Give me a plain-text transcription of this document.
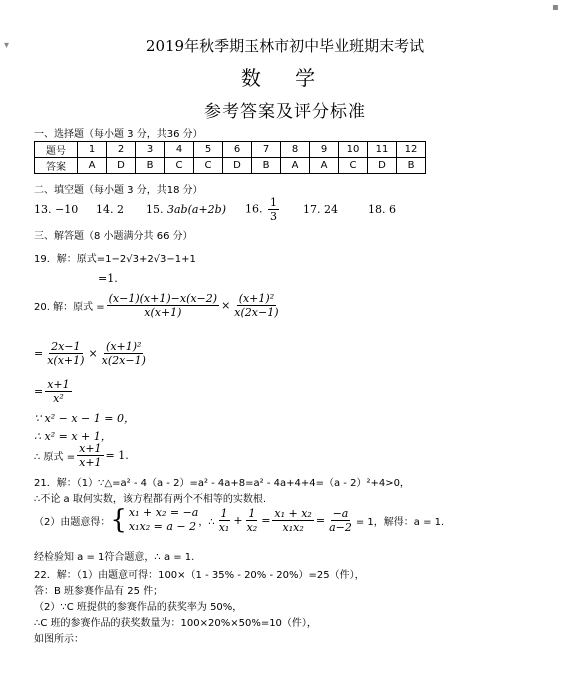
▾
▪
2019年秋季期玉林市初中毕业班期末考试
数 学
参考答案及评分标准
一、选择题（每小题 3 分，共36 分）
题号	1	2	3	4	5	6	7	8	9	10	11	12
答案	A	D	B	C	C	D	B	A	A	C	D	B
二、填空题（每小题 3 分，共18 分）
13. −10 14. 2 15. 3ab(a+2b) 16. $\frac{1}{3} 17$. 24	18. 6
三、解答题（8 小题满分共 66 分）
19．解：原式=1−2√3+2√3−1+1
=1.
20. 解：原式 = $\frac{(x-1)(x+1)-x(x-2)}{x(x+1)} \times \frac{\text{(x+1)²}}{x(2x-1)}$
= $\frac{2x-1}{x(x+1)} \times \frac{\text{(x+1)²}}{x(2x-1)}$
= $\frac{x+1}{\text{x²}}$
∵ x² − x − 1 = 0，
∴ x² = x + 1，
∴ 原式 = $\frac{x+1}{x+1} = 1$.
21．解：（1）∵△=a² - 4（a - 2）=a² - 4a+8=a² - 4a+4+4=（a - 2）²+4>0，
∴不论 a 取何实数，该方程都有两个不相等的实数根.
（2）由题意得： { x₁ + x₂ = −a
x₁x₂ = a − 2 ，∴ $\frac{1}{\text{x₁}} + \frac{1}{\text{x₂}} = \frac{\text{x₁ + x₂}}{\text{x₁x₂}} = \frac{-a}{a-2} = 1$，解得：a = 1.
经检验知 a = 1符合题意，∴ a = 1.
22．解：（1）由题意可得：100×（1 - 35% - 20% - 20%）=25（件），
答：B 班参赛作品有 25 件；
（2）∵C 班提供的参赛作品的获奖率为 50%，
∴C 班的参赛作品的获奖数量为：100×20%×50%=10（件），
如图所示：
